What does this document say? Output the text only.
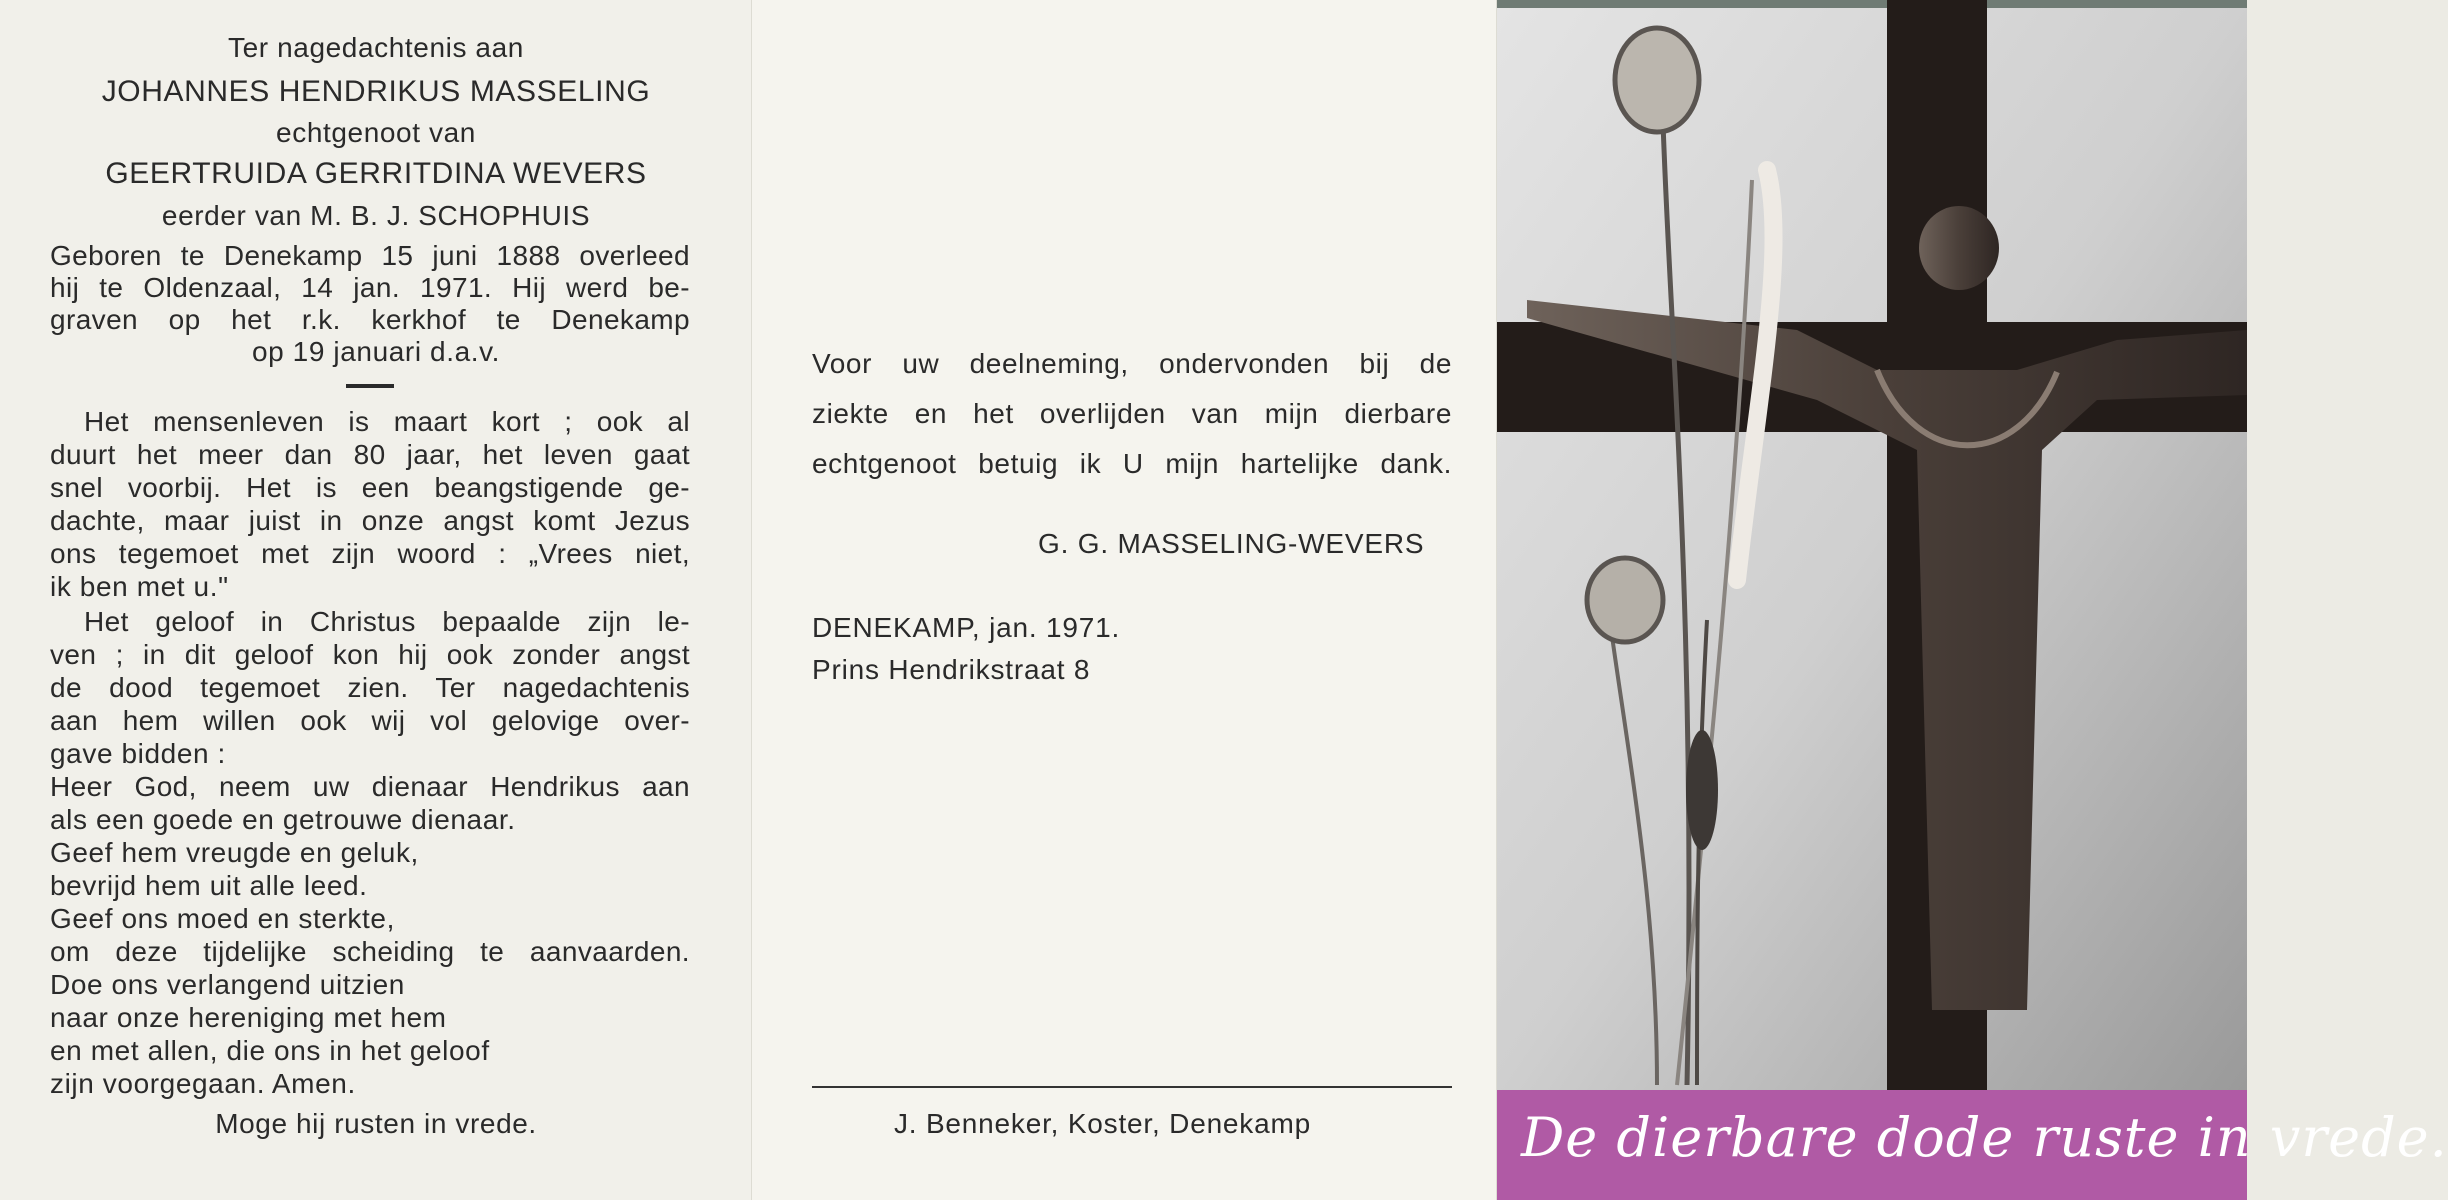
Ter nagedachtenis aan
JOHANNES HENDRIKUS MASSELING
echtgenoot van
GEERTRUIDA GERRITDINA WEVERS
eerder van M. B. J. SCHOPHUIS
Geboren te Denekamp 15 juni 1888 overleed
hij te Oldenzaal, 14 jan. 1971. Hij werd be-
graven op het r.k. kerkhof te Denekamp
op 19 januari d.a.v.
Het mensenleven is maart kort ; ook al
duurt het meer dan 80 jaar, het leven gaat
snel voorbij. Het is een beangstigende ge-
dachte, maar juist in onze angst komt Jezus
ons tegemoet met zijn woord : „Vrees niet,
ik ben met u."
Het geloof in Christus bepaalde zijn le-
ven ; in dit geloof kon hij ook zonder angst
de dood tegemoet zien. Ter nagedachtenis
aan hem willen ook wij vol gelovige over-
gave bidden :
Heer God, neem uw dienaar Hendrikus aan
als een goede en getrouwe dienaar.
Geef hem vreugde en geluk,
bevrijd hem uit alle leed.
Geef ons moed en sterkte,
om deze tijdelijke scheiding te aanvaarden.
Doe ons verlangend uitzien
naar onze hereniging met hem
en met allen, die ons in het geloof
zijn voorgegaan. Amen.
Moge hij rusten in vrede.
Voor uw deelneming, ondervonden bij de
ziekte en het overlijden van mijn dierbare
echtgenoot betuig ik U mijn hartelijke dank.
G. G. MASSELING-WEVERS
DENEKAMP, jan. 1971.
Prins Hendrikstraat 8
J. Benneker, Koster, Denekamp	De dierbare dode ruste in vrede.
